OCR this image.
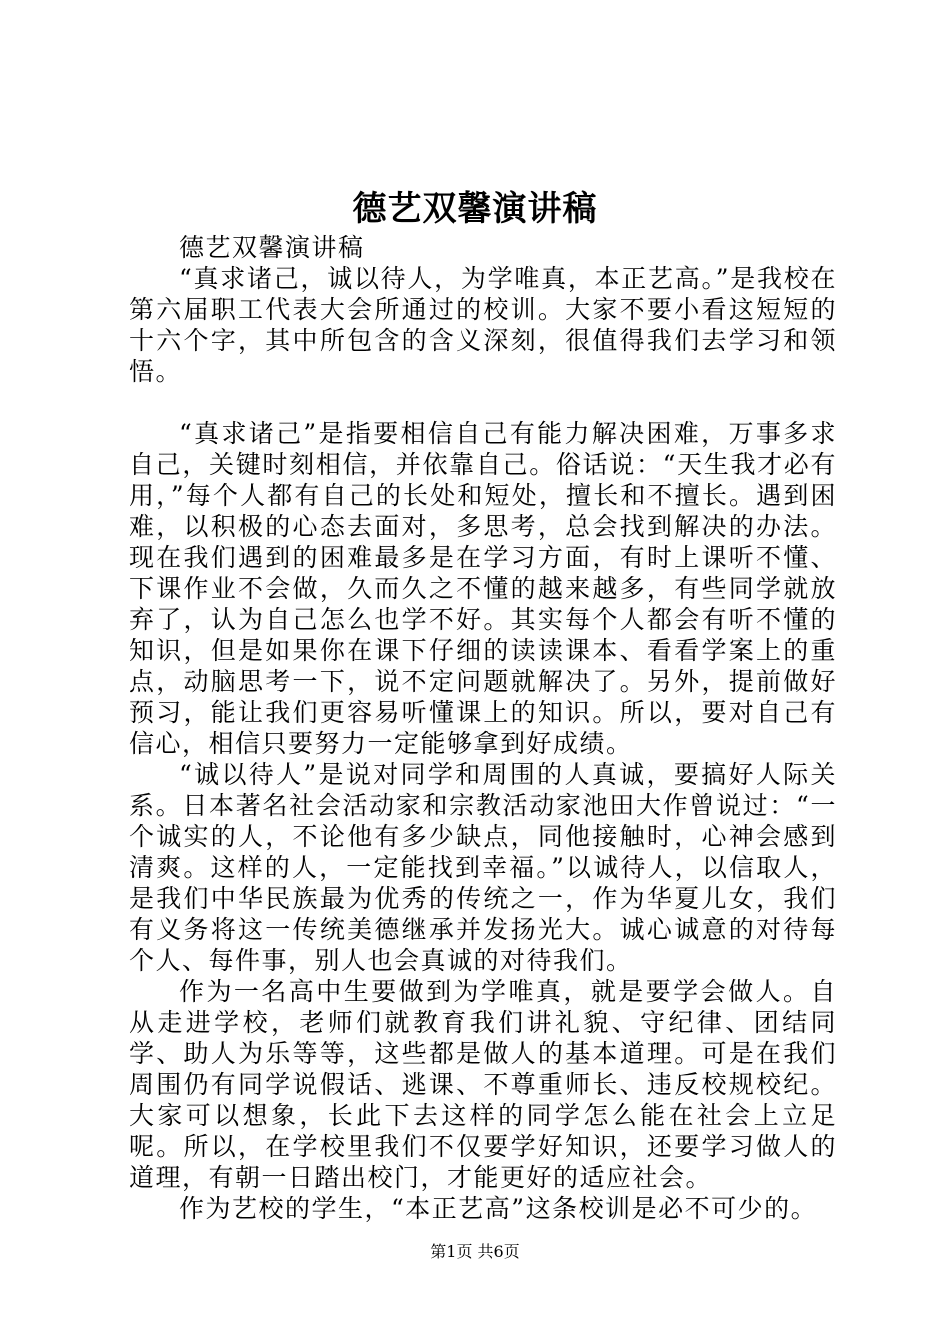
德艺双馨演讲稿

德艺双馨演讲稿

“真求诸己，诚以待人，为学唯真，本正艺高。”是我校在第六届职工代表大会所通过的校训。大家不要小看这短短的十六个字，其中所包含的含义深刻，很值得我们去学习和领悟。

“真求诸己”是指要相信自己有能力解决困难，万事多求自己，关键时刻相信，并依靠自己。俗话说：“天生我才必有用，”每个人都有自己的长处和短处，擅长和不擅长。遇到困难，以积极的心态去面对，多思考，总会找到解决的办法。现在我们遇到的困难最多是在学习方面，有时上课听不懂、下课作业不会做，久而久之不懂的越来越多，有些同学就放弃了，认为自己怎么也学不好。其实每个人都会有听不懂的知识，但是如果你在课下仔细的读读课本、看看学案上的重点，动脑思考一下，说不定问题就解决了。另外，提前做好预习，能让我们更容易听懂课上的知识。所以，要对自己有信心，相信只要努力一定能够拿到好成绩。

“诚以待人”是说对同学和周围的人真诚，要搞好人际关系。日本著名社会活动家和宗教活动家池田大作曾说过：“一个诚实的人，不论他有多少缺点，同他接触时，心神会感到清爽。这样的人，一定能找到幸福。”以诚待人，以信取人，是我们中华民族最为优秀的传统之一，作为华夏儿女，我们有义务将这一传统美德继承并发扬光大。诚心诚意的对待每个人、每件事，别人也会真诚的对待我们。

作为一名高中生要做到为学唯真，就是要学会做人。自从走进学校，老师们就教育我们讲礼貌、守纪律、团结同学、助人为乐等等，这些都是做人的基本道理。可是在我们周围仍有同学说假话、逃课、不尊重师长、违反校规校纪。大家可以想象，长此下去这样的同学怎么能在社会上立足呢。所以，在学校里我们不仅要学好知识，还要学习做人的道理，有朝一日踏出校门，才能更好的适应社会。

作为艺校的学生，“本正艺高”这条校训是必不可少的。

第1页 共6页
